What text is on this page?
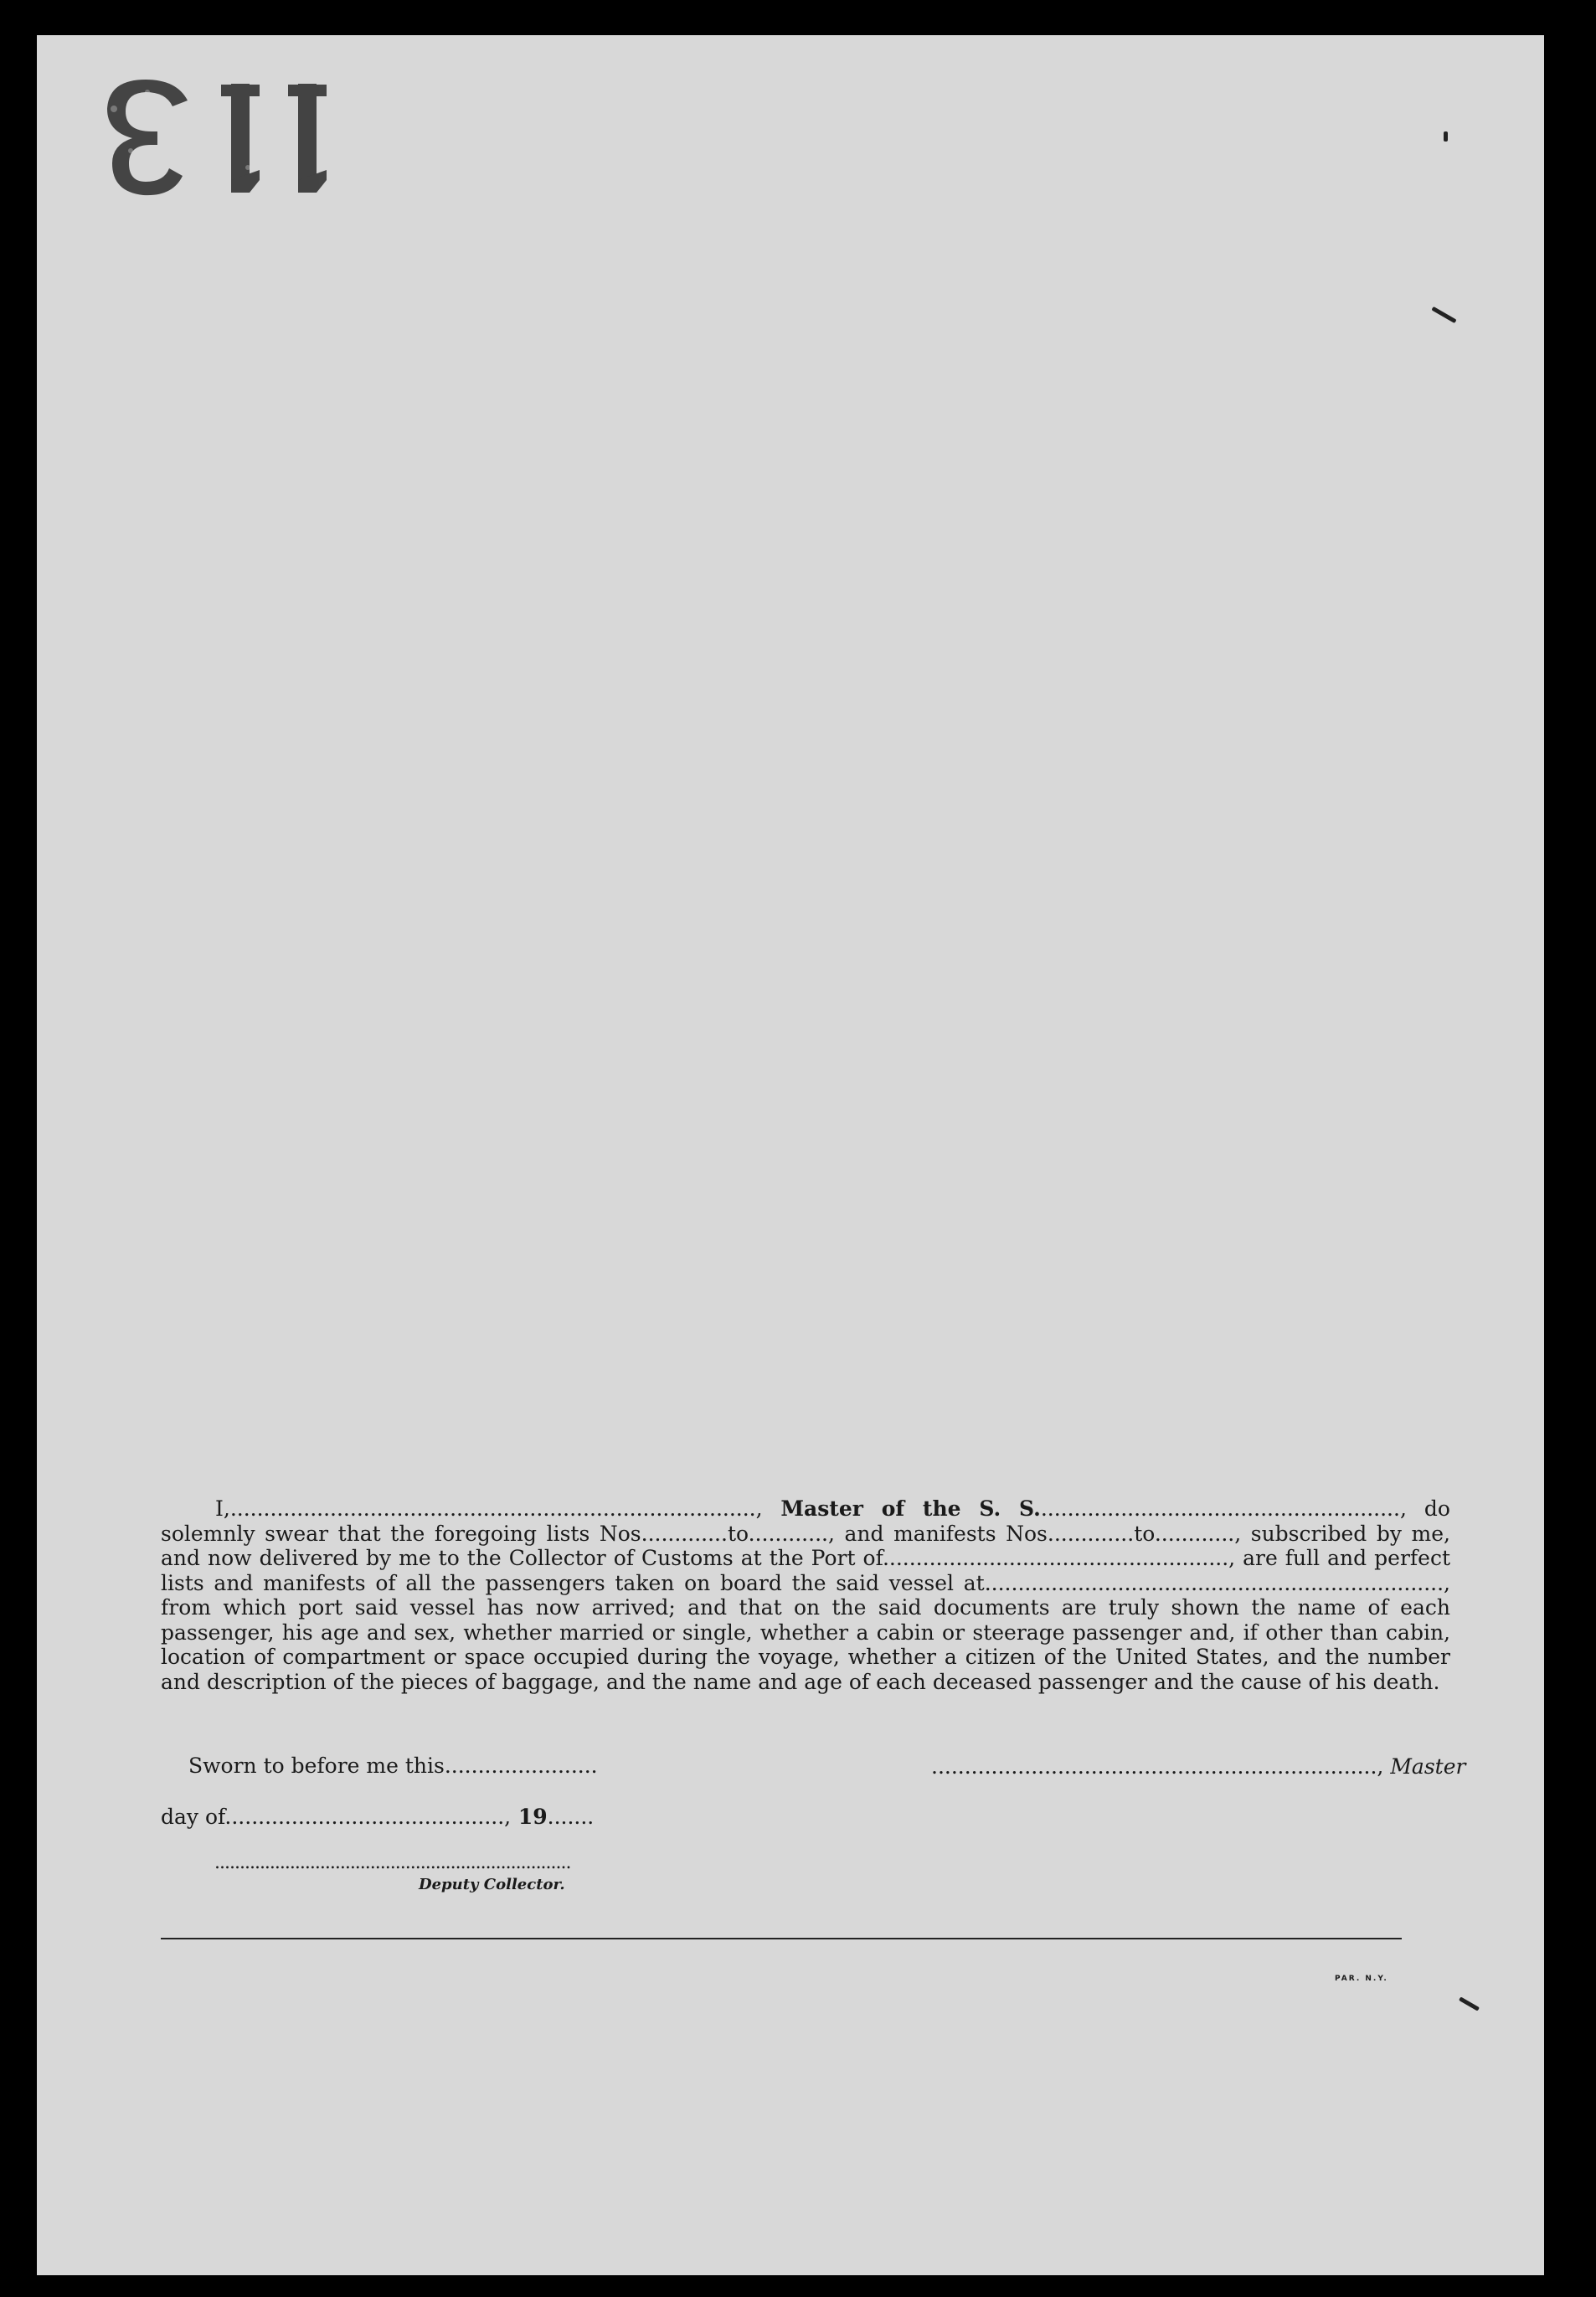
I,..............................................................................., Master of the S. S......................................................., do solemnly swear that the foregoing lists Nos.............to............, and manifests Nos.............to............, subscribed by me, and now delivered by me to the Collector of Customs at the Port of...................................................., are full and perfect lists and manifests of all the passengers taken on board the said vessel at....................................................................., from which port said vessel has now arrived; and that on the said documents are truly shown the name of each passenger, his age and sex, whether married or single, whether a cabin or steerage passenger and, if other than cabin, location of compartment or space occupied during the voyage, whether a citizen of the United States, and the number and description of the pieces of baggage, and the name and age of each deceased passenger and the cause of his death.

Sworn to before me this.......................	..................................................................., Master
day of.........................................., 19.......
.......................................................................
Deputy Collector.
PAR. N.Y.
